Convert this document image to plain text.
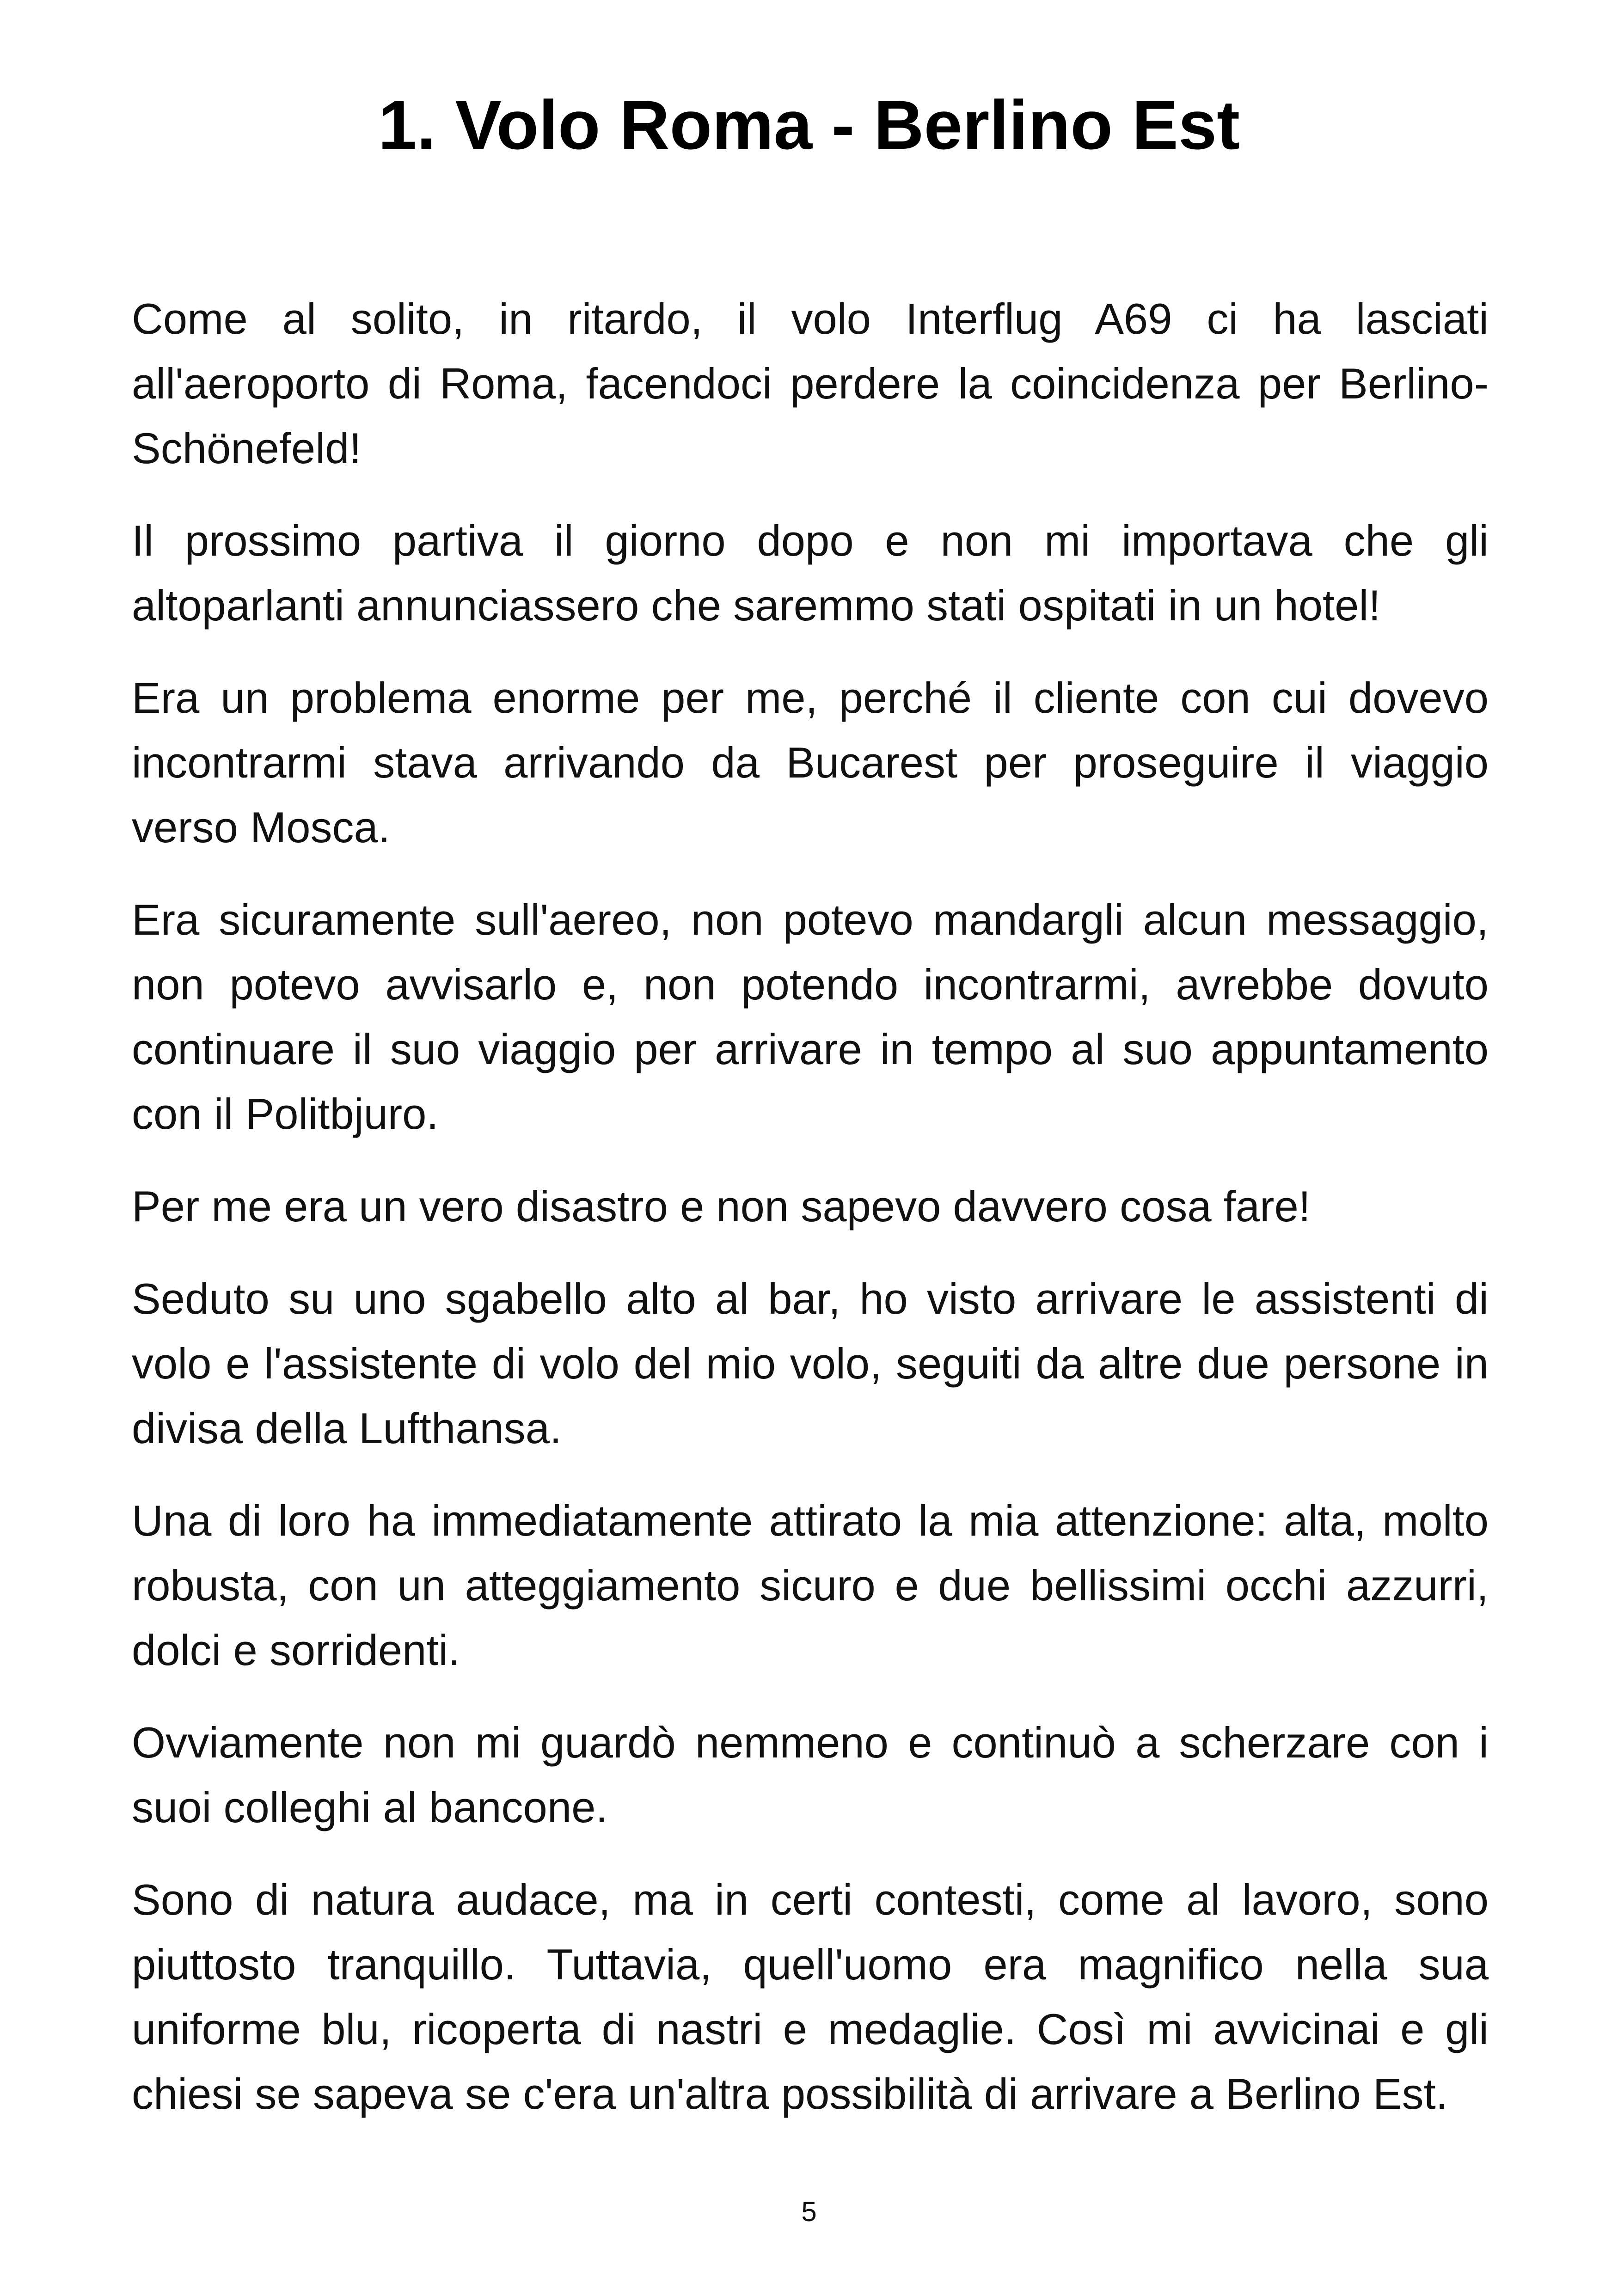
1. Volo Roma - Berlino Est

Come al solito, in ritardo, il volo Interflug A69 ci ha lasciati all'aeroporto di Roma, facendoci perdere la coincidenza per Berlino-Schönefeld!

Il prossimo partiva il giorno dopo e non mi importava che gli altoparlanti annunciassero che saremmo stati ospitati in un hotel!

Era un problema enorme per me, perché il cliente con cui dovevo incontrarmi stava arrivando da Bucarest per proseguire il viaggio verso Mosca.

Era sicuramente sull'aereo, non potevo mandargli alcun messaggio, non potevo avvisarlo e, non potendo incontrarmi, avrebbe dovuto continuare il suo viaggio per arrivare in tempo al suo appuntamento con il Politbjuro.

Per me era un vero disastro e non sapevo davvero cosa fare!

Seduto su uno sgabello alto al bar, ho visto arrivare le assistenti di volo e l'assistente di volo del mio volo, seguiti da altre due persone in divisa della Lufthansa.

Una di loro ha immediatamente attirato la mia attenzione: alta, molto robusta, con un atteggiamento sicuro e due bellissimi occhi azzurri, dolci e sorridenti.

Ovviamente non mi guardò nemmeno e continuò a scherzare con i suoi colleghi al bancone.

Sono di natura audace, ma in certi contesti, come al lavoro, sono piuttosto tranquillo. Tuttavia, quell'uomo era magnifico nella sua uniforme blu, ricoperta di nastri e medaglie. Così mi avvicinai e gli chiesi se sapeva se c'era un'altra possibilità di arrivare a Berlino Est.

5
